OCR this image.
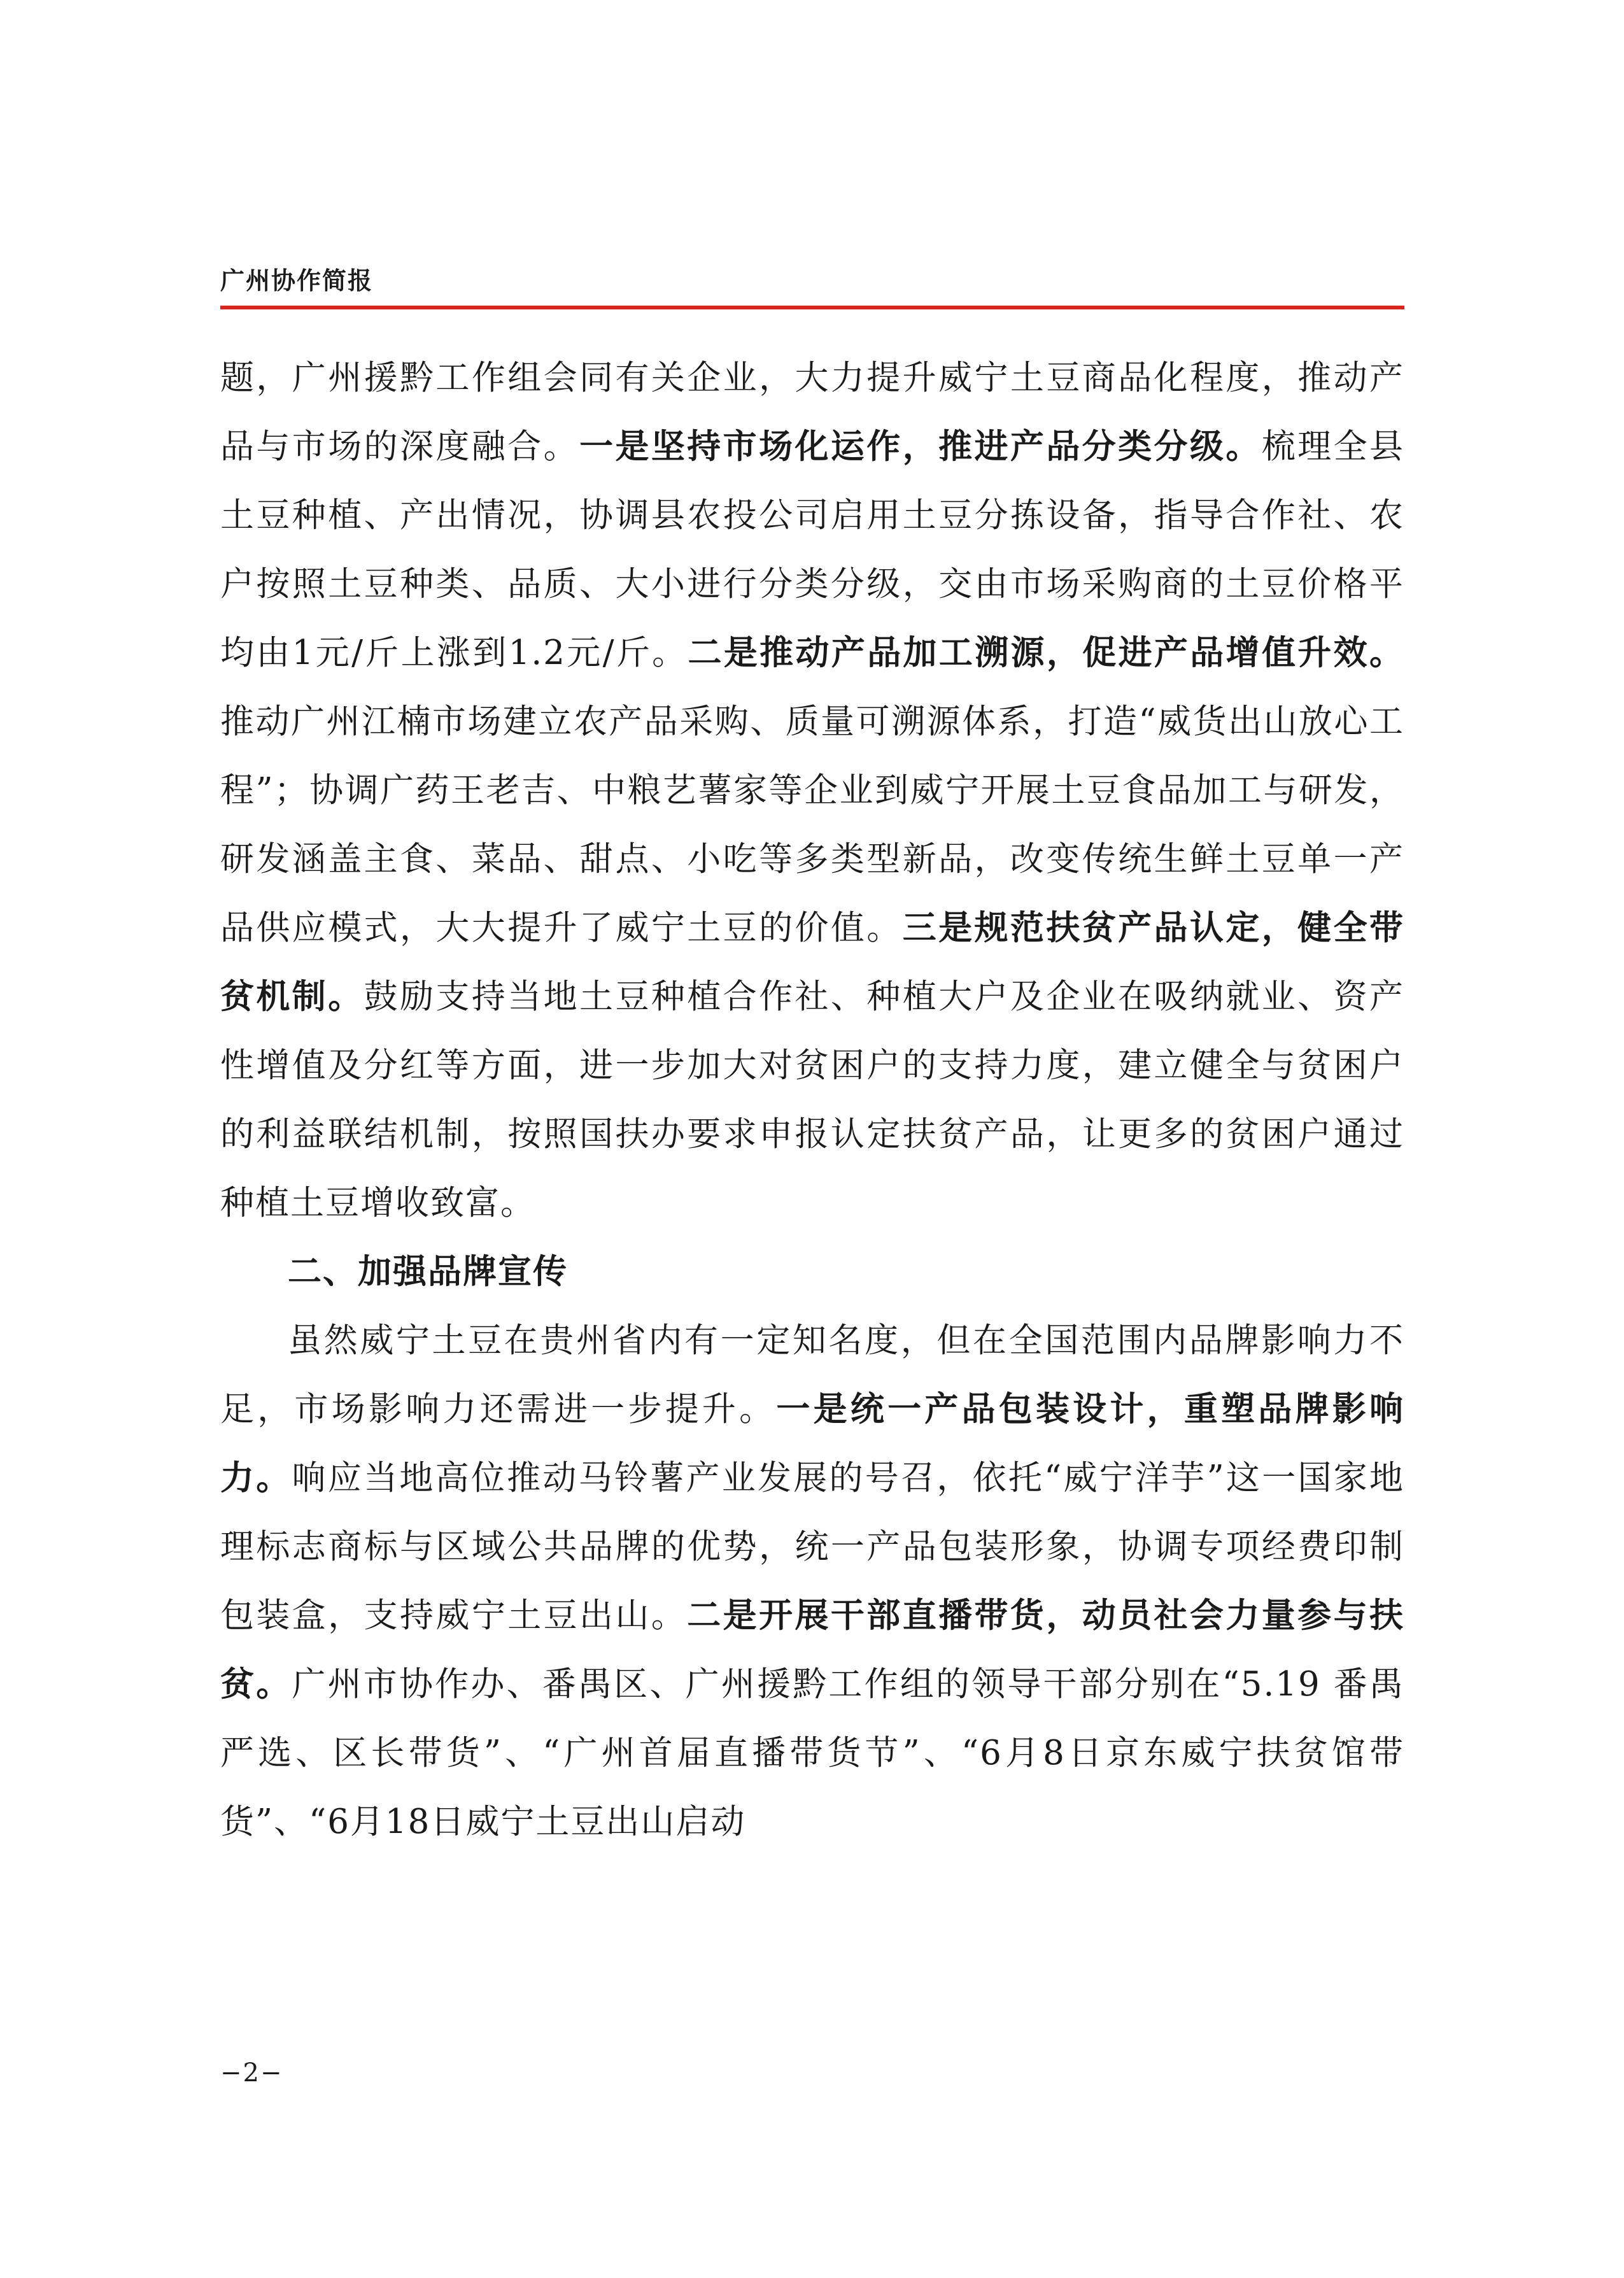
广州协作简报

题，广州援黔工作组会同有关企业，大力提升威宁土豆商品化程度，推动产品与市场的深度融合。一是坚持市场化运作，推进产品分类分级。梳理全县土豆种植、产出情况，协调县农投公司启用土豆分拣设备，指导合作社、农户按照土豆种类、品质、大小进行分类分级，交由市场采购商的土豆价格平均由1元/斤上涨到1.2元/斤。二是推动产品加工溯源，促进产品增值升效。推动广州江楠市场建立农产品采购、质量可溯源体系，打造“威货出山放心工程”；协调广药王老吉、中粮艺薯家等企业到威宁开展土豆食品加工与研发，研发涵盖主食、菜品、甜点、小吃等多类型新品，改变传统生鲜土豆单一产品供应模式，大大提升了威宁土豆的价值。三是规范扶贫产品认定，健全带贫机制。鼓励支持当地土豆种植合作社、种植大户及企业在吸纳就业、资产性增值及分红等方面，进一步加大对贫困户的支持力度，建立健全与贫困户的利益联结机制，按照国扶办要求申报认定扶贫产品，让更多的贫困户通过种植土豆增收致富。

二、加强品牌宣传

虽然威宁土豆在贵州省内有一定知名度，但在全国范围内品牌影响力不足，市场影响力还需进一步提升。一是统一产品包装设计，重塑品牌影响力。响应当地高位推动马铃薯产业发展的号召，依托“威宁洋芋”这一国家地理标志商标与区域公共品牌的优势，统一产品包装形象，协调专项经费印制包装盒，支持威宁土豆出山。二是开展干部直播带货，动员社会力量参与扶贫。广州市协作办、番禺区、广州援黔工作组的领导干部分别在“5.19 番禺严选、区长带货”、“广州首届直播带货节”、“6月8日京东威宁扶贫馆带货”、“6月18日威宁土豆出山启动

−2−
